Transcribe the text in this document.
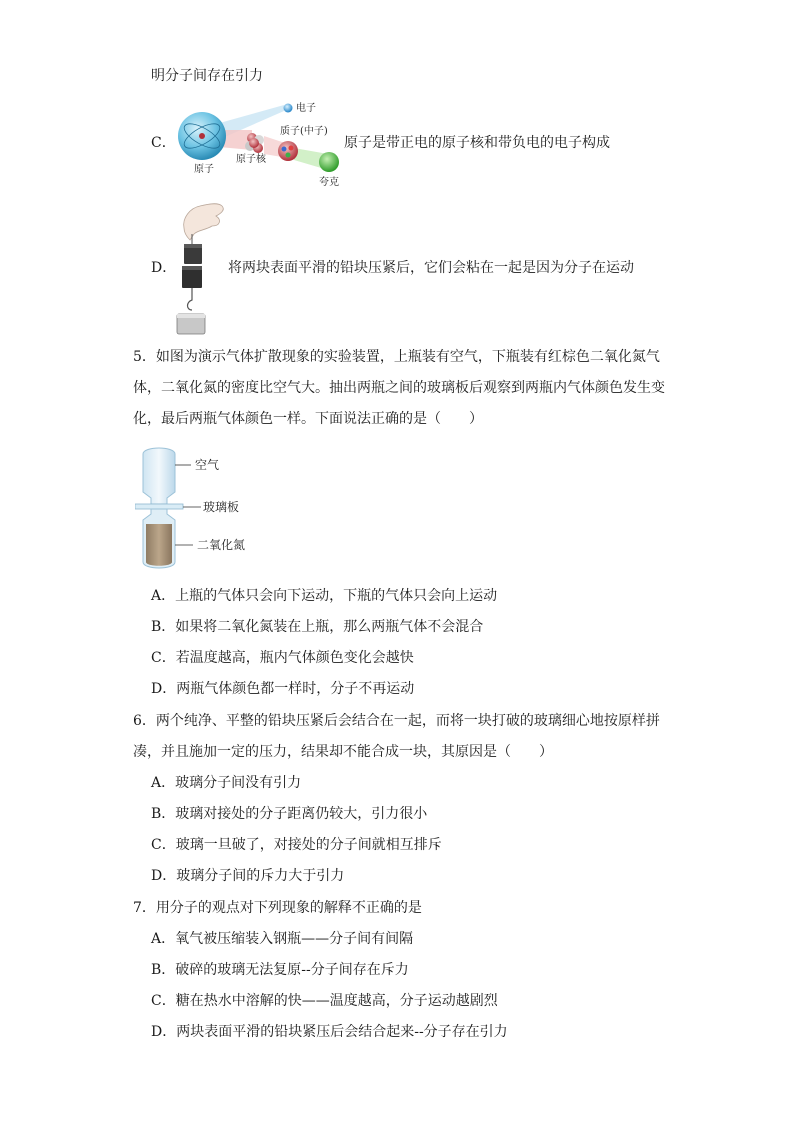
明分子间存在引力
C．
电子
质子(中子)
原子核
原子
夸克
原子是带正电的原子核和带负电的电子构成
D．	将两块表面平滑的铅块压紧后，它们会粘在一起是因为分子在运动
5．如图为演示气体扩散现象的实验装置，上瓶装有空气，下瓶装有红棕色二氧化氮气
体，二氧化氮的密度比空气大。抽出两瓶之间的玻璃板后观察到两瓶内气体颜色发生变
化，最后两瓶气体颜色一样。下面说法正确的是（　　）
空气
玻璃板
二氧化氮
A．上瓶的气体只会向下运动，下瓶的气体只会向上运动
B．如果将二氧化氮装在上瓶，那么两瓶气体不会混合
C．若温度越高，瓶内气体颜色变化会越快
D．两瓶气体颜色都一样时，分子不再运动
6．两个纯净、平整的铅块压紧后会结合在一起，而将一块打破的玻璃细心地按原样拼
凑，并且施加一定的压力，结果却不能合成一块，其原因是（　　）
A．玻璃分子间没有引力
B．玻璃对接处的分子距离仍较大，引力很小
C．玻璃一旦破了，对接处的分子间就相互排斥
D．玻璃分子间的斥力大于引力
7．用分子的观点对下列现象的解释不正确的是
A．氧气被压缩装入钢瓶——分子间有间隔
B．破碎的玻璃无法复原--分子间存在斥力
C．糖在热水中溶解的快——温度越高，分子运动越剧烈
D．两块表面平滑的铅块紧压后会结合起来--分子存在引力
